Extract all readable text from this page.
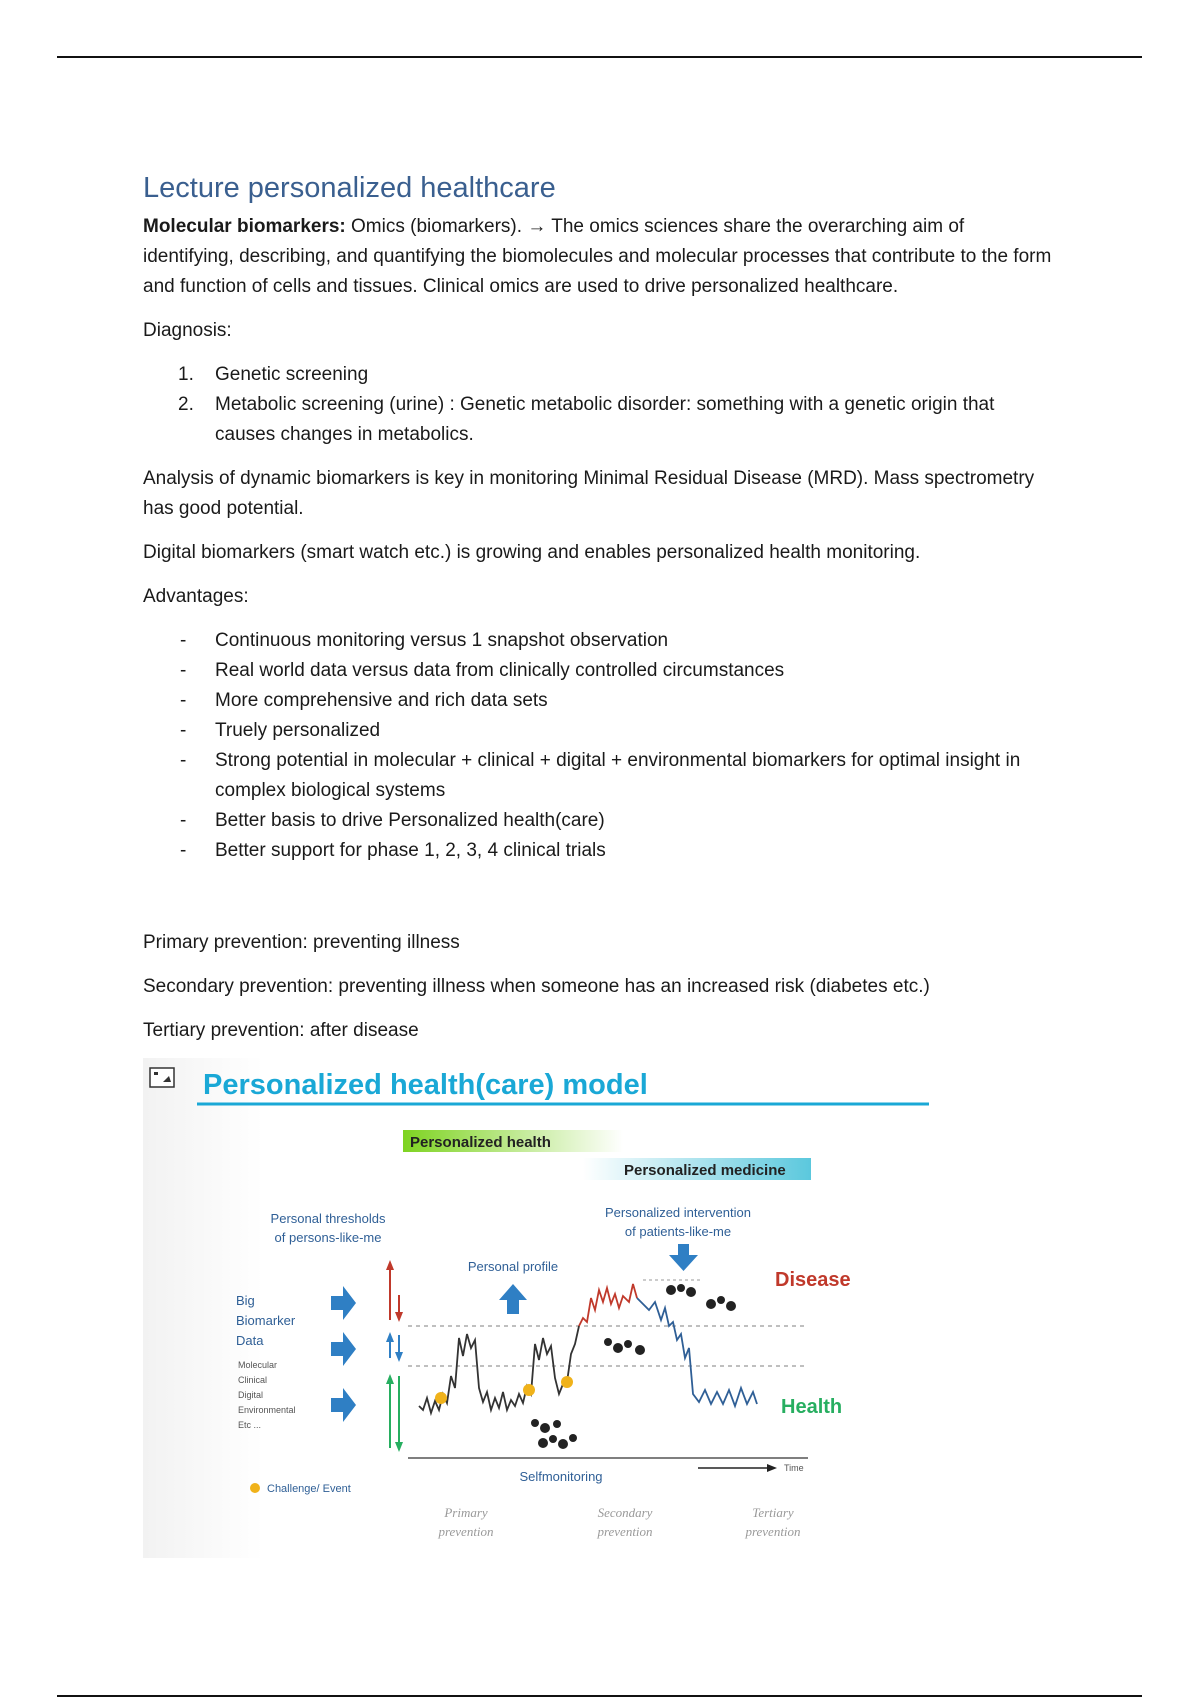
Lecture personalized healthcare

Molecular biomarkers: Omics (biomarkers). → The omics sciences share the overarching aim of identifying, describing, and quantifying the biomolecules and molecular processes that contribute to the form and function of cells and tissues. Clinical omics are used to drive personalized healthcare.

Diagnosis:

1. Genetic screening
2. Metabolic screening (urine) : Genetic metabolic disorder: something with a genetic origin that causes changes in metabolics.

Analysis of dynamic biomarkers is key in monitoring Minimal Residual Disease (MRD). Mass spectrometry has good potential.

Digital biomarkers (smart watch etc.) is growing and enables personalized health monitoring.

Advantages:

- Continuous monitoring versus 1 snapshot observation
- Real world data versus data from clinically controlled circumstances
- More comprehensive and rich data sets
- Truely personalized
- Strong potential in molecular + clinical + digital + environmental biomarkers for optimal insight in complex biological systems
- Better basis to drive Personalized health(care)
- Better support for phase 1, 2, 3, 4 clinical trials

Primary prevention: preventing illness

Secondary prevention: preventing illness when someone has an increased risk (diabetes etc.)

Tertiary prevention: after disease

Personalized health(care) model
Personalized health
Personalized medicine
Personal thresholds
of persons-like-me
Personalized intervention
of patients-like-me
Personal profile
Big
Biomarker
Data
Molecular
Clinical
Digital
Environmental
Etc ...
Disease
Health
Time
Selfmonitoring
Challenge/ Event
Primary
prevention
Secondary
prevention
Tertiary
prevention
